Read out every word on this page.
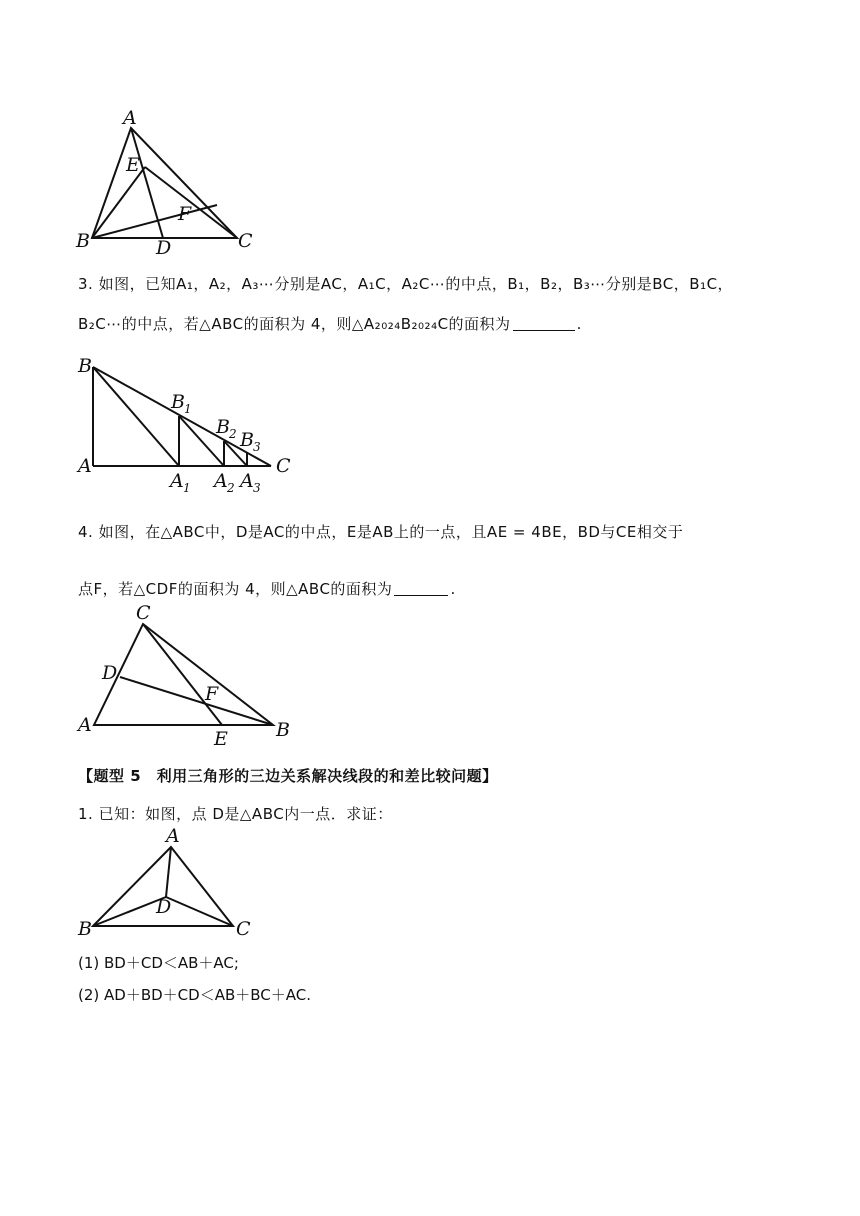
A
E
F
B	D	C

3. 如图，已知A₁，A₂，A₃⋯分别是AC，A₁C，A₂C⋯的中点，B₁，B₂，B₃⋯分别是BC，B₁C，

B₂C⋯的中点，若△ABC的面积为 4，则△A₂₀₂₄B₂₀₂₄C的面积为	.

B
A	C
B 1
B 2 B 3
A 1 A 2 A 3

4. 如图，在△ABC中，D是AC的中点，E是AB上的一点，且AE = 4BE，BD与CE相交于

点F，若△CDF的面积为 4，则△ABC的面积为	.

C
D
F
A
E	B

【题型 5　利用三角形的三边关系解决线段的和差比较问题】

1. 已知：如图，点 D是△ABC内一点．求证：

A
D
B	C

(1) BD＋CD＜AB＋AC;

(2) AD＋BD＋CD＜AB＋BC＋AC.
